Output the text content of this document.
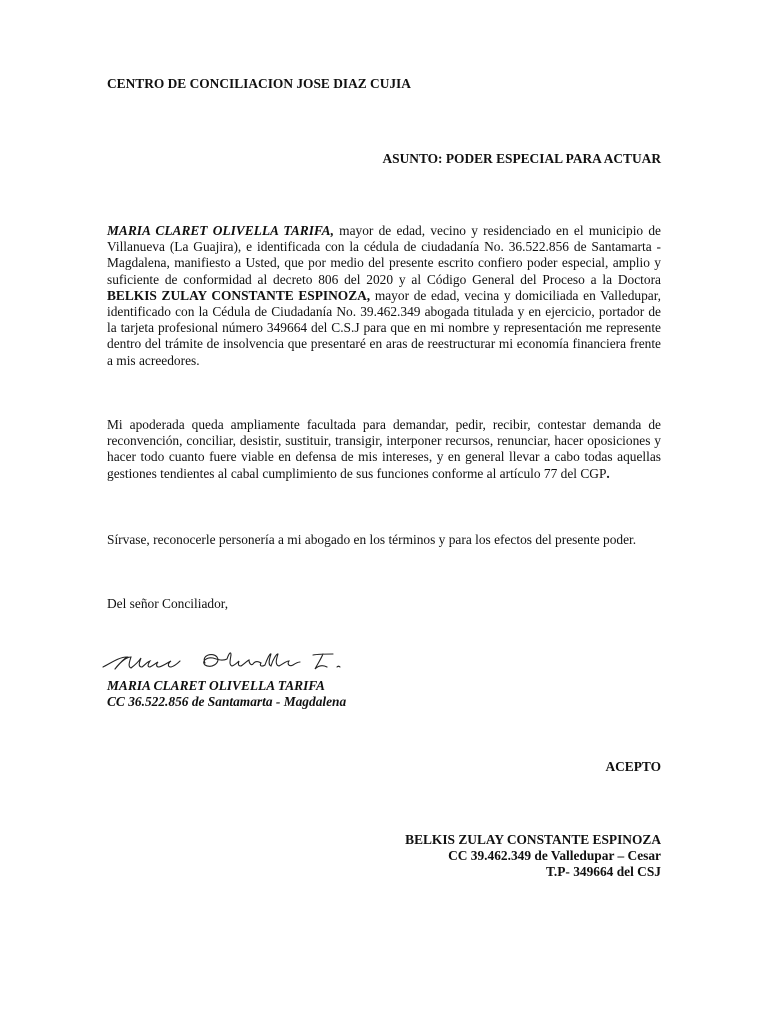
CENTRO DE CONCILIACION JOSE DIAZ CUJIA
ASUNTO: PODER ESPECIAL PARA ACTUAR

MARIA CLARET OLIVELLA TARIFA, mayor de edad, vecino y residenciado en el municipio de Villanueva (La Guajira), e identificada con la cédula de ciudadanía No. 36.522.856 de Santamarta - Magdalena, manifiesto a Usted, que por medio del presente escrito confiero poder especial, amplio y suficiente de conformidad al decreto 806 del 2020 y al Código General del Proceso a la Doctora BELKIS ZULAY CONSTANTE ESPINOZA, mayor de edad, vecina y domiciliada en Valledupar, identificado con la Cédula de Ciudadanía No. 39.462.349 abogada titulada y en ejercicio, portador de la tarjeta profesional número 349664 del C.S.J para que en mi nombre y representación me represente dentro del trámite de insolvencia que presentaré en aras de reestructurar mi economía financiera frente a mis acreedores.

Mi apoderada queda ampliamente facultada para demandar, pedir, recibir, contestar demanda de reconvención, conciliar, desistir, sustituir, transigir, interponer recursos, renunciar, hacer oposiciones y hacer todo cuanto fuere viable en defensa de mis intereses, y en general llevar a cabo todas aquellas gestiones tendientes al cabal cumplimiento de sus funciones conforme al artículo 77 del CGP.

Sírvase, reconocerle personería a mi abogado en los términos y para los efectos del presente poder.

Del señor Conciliador,
MARIA CLARET OLIVELLA TARIFA
CC 36.522.856 de Santamarta - Magdalena
ACEPTO
BELKIS ZULAY CONSTANTE ESPINOZA
CC 39.462.349 de Valledupar – Cesar
T.P- 349664 del CSJ
